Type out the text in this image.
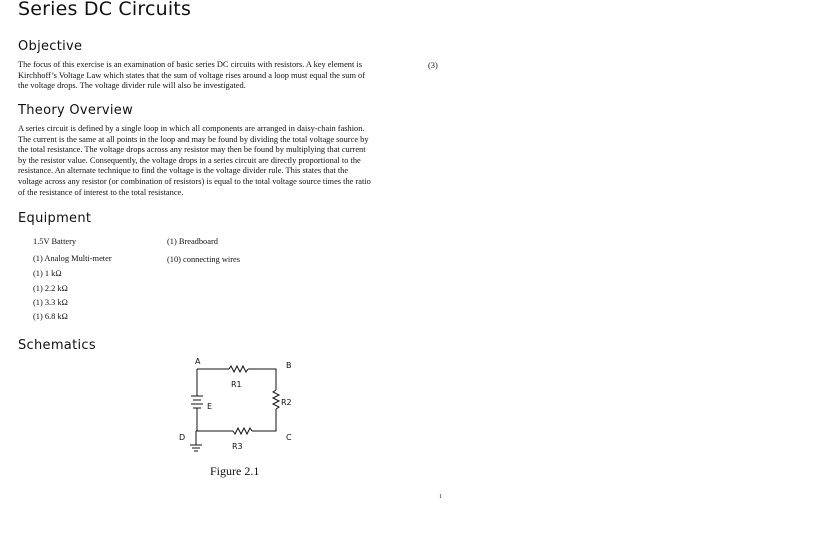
Series DC Circuits
Objective
The focus of this exercise is an examination of basic series DC circuits with resistors. A key element is
Kirchhoff’s Voltage Law which states that the sum of voltage rises around a loop must equal the sum of
the voltage drops. The voltage divider rule will also be investigated.
(3)
Theory Overview
A series circuit is defined by a single loop in which all components are arranged in daisy-chain fashion.
The current is the same at all points in the loop and may be found by dividing the total voltage source by
the total resistance. The voltage drops across any resistor may then be found by multiplying that current
by the resistor value. Consequently, the voltage drops in a series circuit are directly proportional to the
resistance. An alternate technique to find the voltage is the voltage divider rule. This states that the
voltage across any resistor (or combination of resistors) is equal to the total voltage source times the ratio
of the resistance of interest to the total resistance.
Equipment
1.5V Battery
(1) Analog Multi-meter
(1) 1 kΩ
(1) 2.2 kΩ
(1) 3.3 kΩ
(1) 6.8 kΩ
(1) Breadboard
(10) connecting wires
Schematics
A	B
C
D
R1
R2
R3
E
Figure 2.1
1
